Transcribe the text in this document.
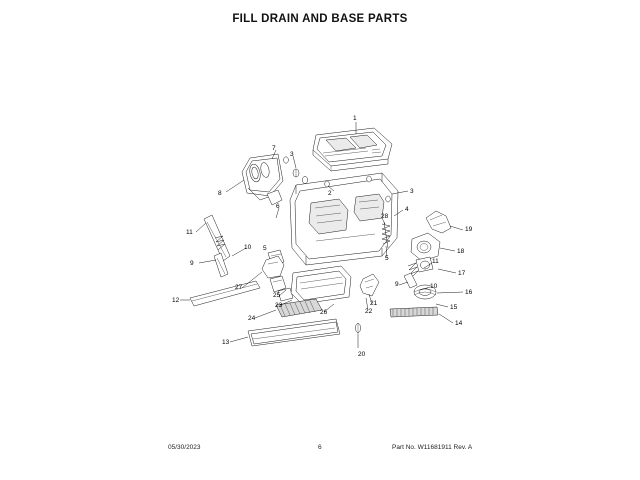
FILL DRAIN AND BASE PARTS
1
7
3
8	2	3
6	4
28
11	19
10
18
5
9
5	11
17
10
9
16
27
15
12
25
23
22
21
24
26
14
13
20
05/30/2023	6	Part No. W11681911 Rev. A
